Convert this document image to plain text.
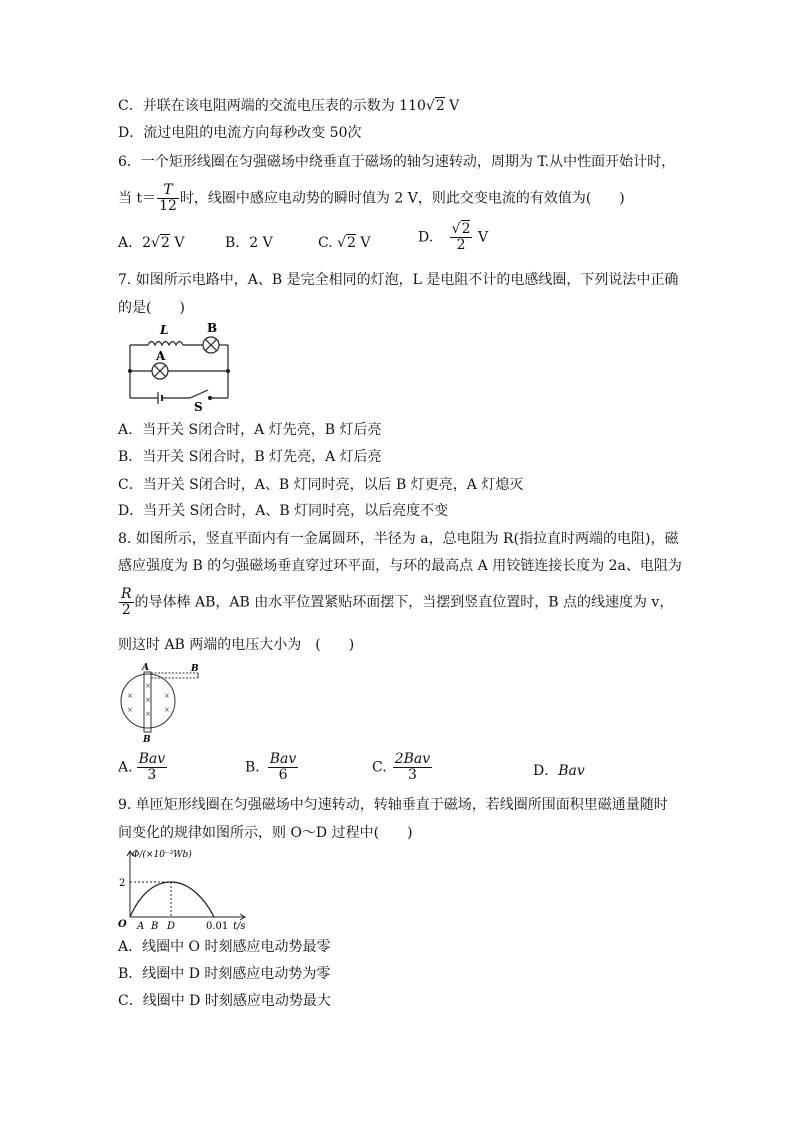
C．并联在该电阻两端的交流电压表的示数为 110√2 V
D．流过电阻的电流方向每秒改变 50次
6．一个矩形线圈在匀强磁场中绕垂直于磁场的轴匀速转动，周期为 T.从中性面开始计时，
当 $t= \frac{T}{12}$ 时，线圈中感应电动势的瞬时值为 2 V，则此交变电流的有效值为(　　)
A．2√2 V	B．2 V	C. √2 V	D. $\frac{√2}{2}$ V
7. 如图所示电路中，A、B 是完全相同的灯泡，L 是电阻不计的电感线圈，下列说法中正确
的是(　　)
L
A
B
S
A．当开关 S闭合时，A 灯先亮，B 灯后亮
B．当开关 S闭合时，B 灯先亮，A 灯后亮
C．当开关 S闭合时，A、B 灯同时亮，以后 B 灯更亮，A 灯熄灭
D．当开关 S闭合时，A、B 灯同时亮，以后亮度不变
8. 如图所示，竖直平面内有一金属圆环，半径为 a，总电阻为 R(指拉直时两端的电阻)，磁
感应强度为 B 的匀强磁场垂直穿过环平面，与环的最高点 A 用铰链连接长度为 2a、电阻为
$\frac{R}{2}$ 的导体棒 AB，AB 由水平位置紧贴环面摆下，当摆到竖直位置时，B 点的线速度为 v，
则这时 AB 两端的电压大小为　(　　)
A	B
B
×
×
×
×
×
×
×
A. $\frac{\text{Bav}}{3}$	B. $\frac{\text{Bav}}{6}$	C. $\frac{\text{2Bav}}{3}$	D．Bav
9. 单匝矩形线圈在匀强磁场中匀速转动，转轴垂直于磁场，若线圈所围面积里磁通量随时
间变化的规律如图所示，则 O～D 过程中(　　)
Φ/(×10⁻³Wb)
2
O A B D	0.01 t/s
A．线圈中 O 时刻感应电动势最零
B．线圈中 D 时刻感应电动势为零
C．线圈中 D 时刻感应电动势最大
